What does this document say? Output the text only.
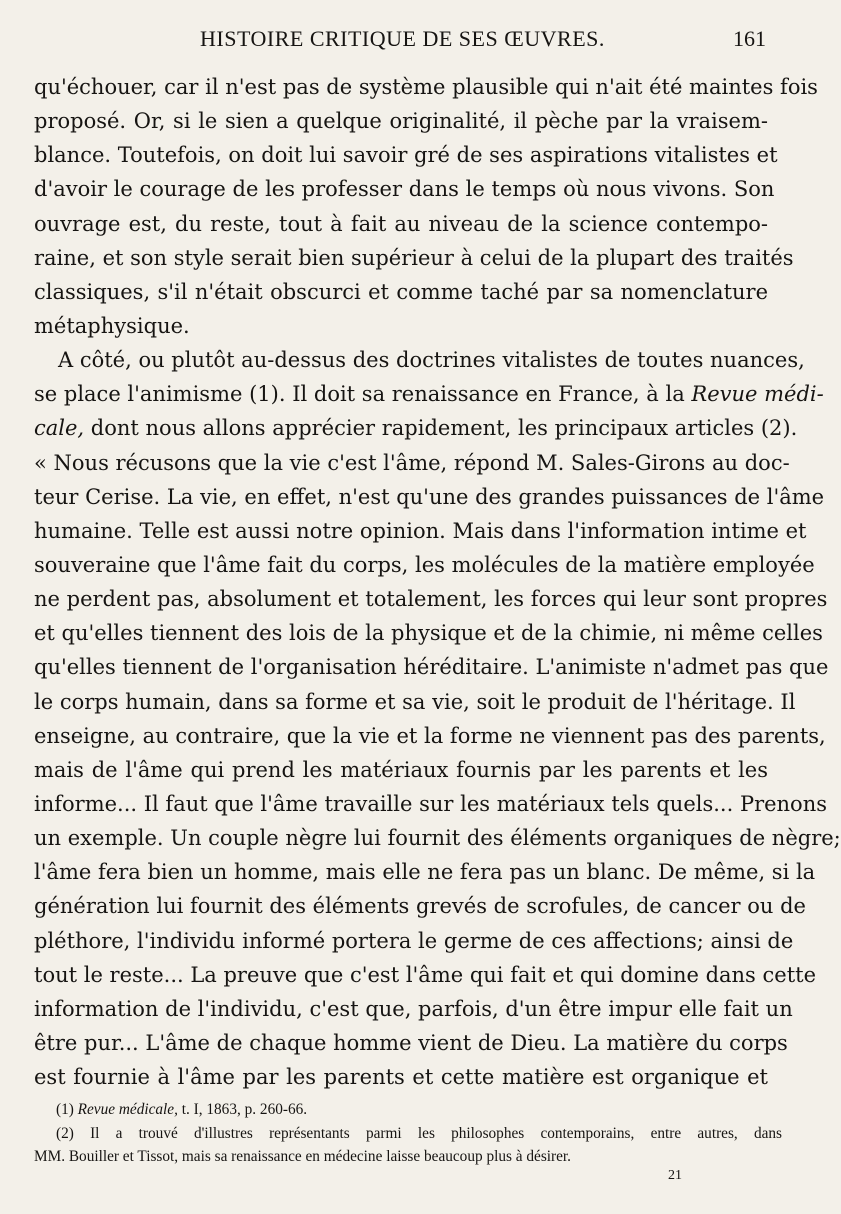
HISTOIRE CRITIQUE DE SES ŒUVRES.	161
qu'échouer, car il n'est pas de système plausible qui n'ait été maintes fois
proposé. Or, si le sien a quelque originalité, il pèche par la vraisem-
blance. Toutefois, on doit lui savoir gré de ses aspirations vitalistes et
d'avoir le courage de les professer dans le temps où nous vivons. Son
ouvrage est, du reste, tout à fait au niveau de la science contempo-
raine, et son style serait bien supérieur à celui de la plupart des traités
classiques, s'il n'était obscurci et comme taché par sa nomenclature
métaphysique.
A côté, ou plutôt au-dessus des doctrines vitalistes de toutes nuances,
se place l'animisme (1). Il doit sa renaissance en France, à la Revue médi-
cale, dont nous allons apprécier rapidement, les principaux articles (2).
« Nous récusons que la vie c'est l'âme, répond M. Sales-Girons au doc-
teur Cerise. La vie, en effet, n'est qu'une des grandes puissances de l'âme
humaine. Telle est aussi notre opinion. Mais dans l'information intime et
souveraine que l'âme fait du corps, les molécules de la matière employée
ne perdent pas, absolument et totalement, les forces qui leur sont propres
et qu'elles tiennent des lois de la physique et de la chimie, ni même celles
qu'elles tiennent de l'organisation héréditaire. L'animiste n'admet pas que
le corps humain, dans sa forme et sa vie, soit le produit de l'héritage. Il
enseigne, au contraire, que la vie et la forme ne viennent pas des parents,
mais de l'âme qui prend les matériaux fournis par les parents et les
informe... Il faut que l'âme travaille sur les matériaux tels quels... Prenons
un exemple. Un couple nègre lui fournit des éléments organiques de nègre;
l'âme fera bien un homme, mais elle ne fera pas un blanc. De même, si la
génération lui fournit des éléments grevés de scrofules, de cancer ou de
pléthore, l'individu informé portera le germe de ces affections; ainsi de
tout le reste... La preuve que c'est l'âme qui fait et qui domine dans cette
information de l'individu, c'est que, parfois, d'un être impur elle fait un
être pur... L'âme de chaque homme vient de Dieu. La matière du corps
est fournie à l'âme par les parents et cette matière est organique et
(1) Revue médicale, t. I, 1863, p. 260-66.
(2) Il a trouvé d'illustres représentants parmi les philosophes contemporains, entre autres, dans
MM. Bouiller et Tissot, mais sa renaissance en médecine laisse beaucoup plus à désirer.
21
